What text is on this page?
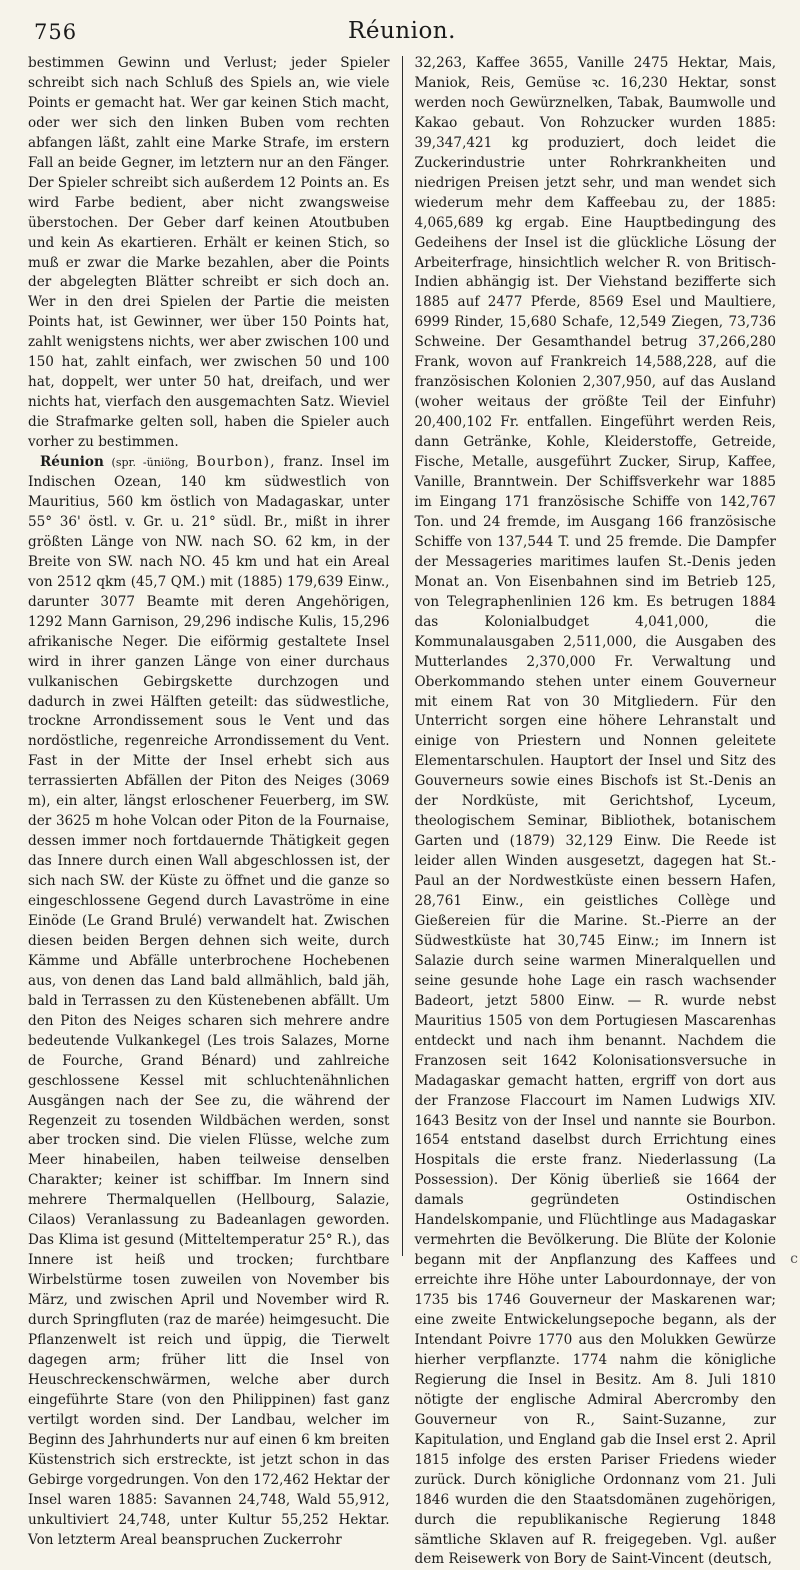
756	Réunion.

bestimmen Gewinn und Verlust; jeder Spieler schreibt sich nach Schluß des Spiels an, wie viele Points er gemacht hat. Wer gar keinen Stich macht, oder wer sich den linken Buben vom rechten abfangen läßt, zahlt eine Marke Strafe, im erstern Fall an beide Gegner, im letztern nur an den Fänger. Der Spieler schreibt sich außerdem 12 Points an. Es wird Farbe bedient, aber nicht zwangsweise überstochen. Der Geber darf keinen Atoutbuben und kein As ekartieren. Erhält er keinen Stich, so muß er zwar die Marke bezahlen, aber die Points der abgelegten Blätter schreibt er sich doch an. Wer in den drei Spielen der Partie die meisten Points hat, ist Gewinner, wer über 150 Points hat, zahlt wenigstens nichts, wer aber zwischen 100 und 150 hat, zahlt einfach, wer zwischen 50 und 100 hat, doppelt, wer unter 50 hat, dreifach, und wer nichts hat, vierfach den ausgemachten Satz. Wieviel die Strafmarke gelten soll, haben die Spieler auch vorher zu bestimmen.

Réunion (spr. -üniöng, Bourbon), franz. Insel im Indischen Ozean, 140 km südwestlich von Mauritius, 560 km östlich von Madagaskar, unter 55° 36' östl. v. Gr. u. 21° südl. Br., mißt in ihrer größten Länge von NW. nach SO. 62 km, in der Breite von SW. nach NO. 45 km und hat ein Areal von 2512 qkm (45,7 QM.) mit (1885) 179,639 Einw., darunter 3077 Beamte mit deren Angehörigen, 1292 Mann Garnison, 29,296 indische Kulis, 15,296 afrikanische Neger. Die eiförmig gestaltete Insel wird in ihrer ganzen Länge von einer durchaus vulkanischen Gebirgskette durchzogen und dadurch in zwei Hälften geteilt: das südwestliche, trockne Arrondissement sous le Vent und das nordöstliche, regenreiche Arrondissement du Vent. Fast in der Mitte der Insel erhebt sich aus terrassierten Abfällen der Piton des Neiges (3069 m), ein alter, längst erloschener Feuerberg, im SW. der 3625 m hohe Volcan oder Piton de la Fournaise, dessen immer noch fortdauernde Thätigkeit gegen das Innere durch einen Wall abgeschlossen ist, der sich nach SW. der Küste zu öffnet und die ganze so eingeschlossene Gegend durch Lavaströme in eine Einöde (Le Grand Brulé) verwandelt hat. Zwischen diesen beiden Bergen dehnen sich weite, durch Kämme und Abfälle unterbrochene Hochebenen aus, von denen das Land bald allmählich, bald jäh, bald in Terrassen zu den Küstenebenen abfällt. Um den Piton des Neiges scharen sich mehrere andre bedeutende Vulkankegel (Les trois Salazes, Morne de Fourche, Grand Bénard) und zahlreiche geschlossene Kessel mit schluchtenähnlichen Ausgängen nach der See zu, die während der Regenzeit zu tosenden Wildbächen werden, sonst aber trocken sind. Die vielen Flüsse, welche zum Meer hinabeilen, haben teilweise denselben Charakter; keiner ist schiffbar. Im Innern sind mehrere Thermalquellen (Hellbourg, Salazie, Cilaos) Veranlassung zu Badeanlagen geworden. Das Klima ist gesund (Mitteltemperatur 25° R.), das Innere ist heiß und trocken; furchtbare Wirbelstürme tosen zuweilen von November bis März, und zwischen April und November wird R. durch Springfluten (raz de marée) heimgesucht. Die Pflanzenwelt ist reich und üppig, die Tierwelt dagegen arm; früher litt die Insel von Heuschreckenschwärmen, welche aber durch eingeführte Stare (von den Philippinen) fast ganz vertilgt worden sind. Der Landbau, welcher im Beginn des Jahrhunderts nur auf einen 6 km breiten Küstenstrich sich erstreckte, ist jetzt schon in das Gebirge vorgedrungen. Von den 172,462 Hektar der Insel waren 1885: Savannen 24,748, Wald 55,912, unkultiviert 24,748, unter Kultur 55,252 Hektar. Von letzterm Areal beanspruchen Zuckerrohr

32,263, Kaffee 3655, Vanille 2475 Hektar, Mais, Maniok, Reis, Gemüse ꝛc. 16,230 Hektar, sonst werden noch Gewürznelken, Tabak, Baumwolle und Kakao gebaut. Von Rohzucker wurden 1885: 39,347,421 kg produziert, doch leidet die Zuckerindustrie unter Rohrkrankheiten und niedrigen Preisen jetzt sehr, und man wendet sich wiederum mehr dem Kaffeebau zu, der 1885: 4,065,689 kg ergab. Eine Hauptbedingung des Gedeihens der Insel ist die glückliche Lösung der Arbeiterfrage, hinsichtlich welcher R. von Britisch-Indien abhängig ist. Der Viehstand bezifferte sich 1885 auf 2477 Pferde, 8569 Esel und Maultiere, 6999 Rinder, 15,680 Schafe, 12,549 Ziegen, 73,736 Schweine. Der Gesamthandel betrug 37,266,280 Frank, wovon auf Frankreich 14,588,228, auf die französischen Kolonien 2,307,950, auf das Ausland (woher weitaus der größte Teil der Einfuhr) 20,400,102 Fr. entfallen. Eingeführt werden Reis, dann Getränke, Kohle, Kleiderstoffe, Getreide, Fische, Metalle, ausgeführt Zucker, Sirup, Kaffee, Vanille, Branntwein. Der Schiffsverkehr war 1885 im Eingang 171 französische Schiffe von 142,767 Ton. und 24 fremde, im Ausgang 166 französische Schiffe von 137,544 T. und 25 fremde. Die Dampfer der Messageries maritimes laufen St.-Denis jeden Monat an. Von Eisenbahnen sind im Betrieb 125, von Telegraphenlinien 126 km. Es betrugen 1884 das Kolonialbudget 4,041,000, die Kommunalausgaben 2,511,000, die Ausgaben des Mutterlandes 2,370,000 Fr. Verwaltung und Oberkommando stehen unter einem Gouverneur mit einem Rat von 30 Mitgliedern. Für den Unterricht sorgen eine höhere Lehranstalt und einige von Priestern und Nonnen geleitete Elementarschulen. Hauptort der Insel und Sitz des Gouverneurs sowie eines Bischofs ist St.-Denis an der Nordküste, mit Gerichtshof, Lyceum, theologischem Seminar, Bibliothek, botanischem Garten und (1879) 32,129 Einw. Die Reede ist leider allen Winden ausgesetzt, dagegen hat St.-Paul an der Nordwestküste einen bessern Hafen, 28,761 Einw., ein geistliches Collège und Gießereien für die Marine. St.-Pierre an der Südwestküste hat 30,745 Einw.; im Innern ist Salazie durch seine warmen Mineralquellen und seine gesunde hohe Lage ein rasch wachsender Badeort, jetzt 5800 Einw. — R. wurde nebst Mauritius 1505 von dem Portugiesen Mascarenhas entdeckt und nach ihm benannt. Nachdem die Franzosen seit 1642 Kolonisationsversuche in Madagaskar gemacht hatten, ergriff von dort aus der Franzose Flaccourt im Namen Ludwigs XIV. 1643 Besitz von der Insel und nannte sie Bourbon. 1654 entstand daselbst durch Errichtung eines Hospitals die erste franz. Niederlassung (La Possession). Der König überließ sie 1664 der damals gegründeten Ostindischen Handelskompanie, und Flüchtlinge aus Madagaskar vermehrten die Bevölkerung. Die Blüte der Kolonie begann mit der Anpflanzung des Kaffees und erreichte ihre Höhe unter Labourdonnaye, der von 1735 bis 1746 Gouverneur der Maskarenen war; eine zweite Entwickelungsepoche begann, als der Intendant Poivre 1770 aus den Molukken Gewürze hierher verpflanzte. 1774 nahm die königliche Regierung die Insel in Besitz. Am 8. Juli 1810 nötigte der englische Admiral Abercromby den Gouverneur von R., Saint-Suzanne, zur Kapitulation, und England gab die Insel erst 2. April 1815 infolge des ersten Pariser Friedens wieder zurück. Durch königliche Ordonnanz vom 21. Juli 1846 wurden die den Staatsdomänen zugehörigen, durch die republikanische Regierung 1848 sämtliche Sklaven auf R. freigegeben. Vgl. außer dem Reisewerk von Bory de Saint-Vincent (deutsch,

c
